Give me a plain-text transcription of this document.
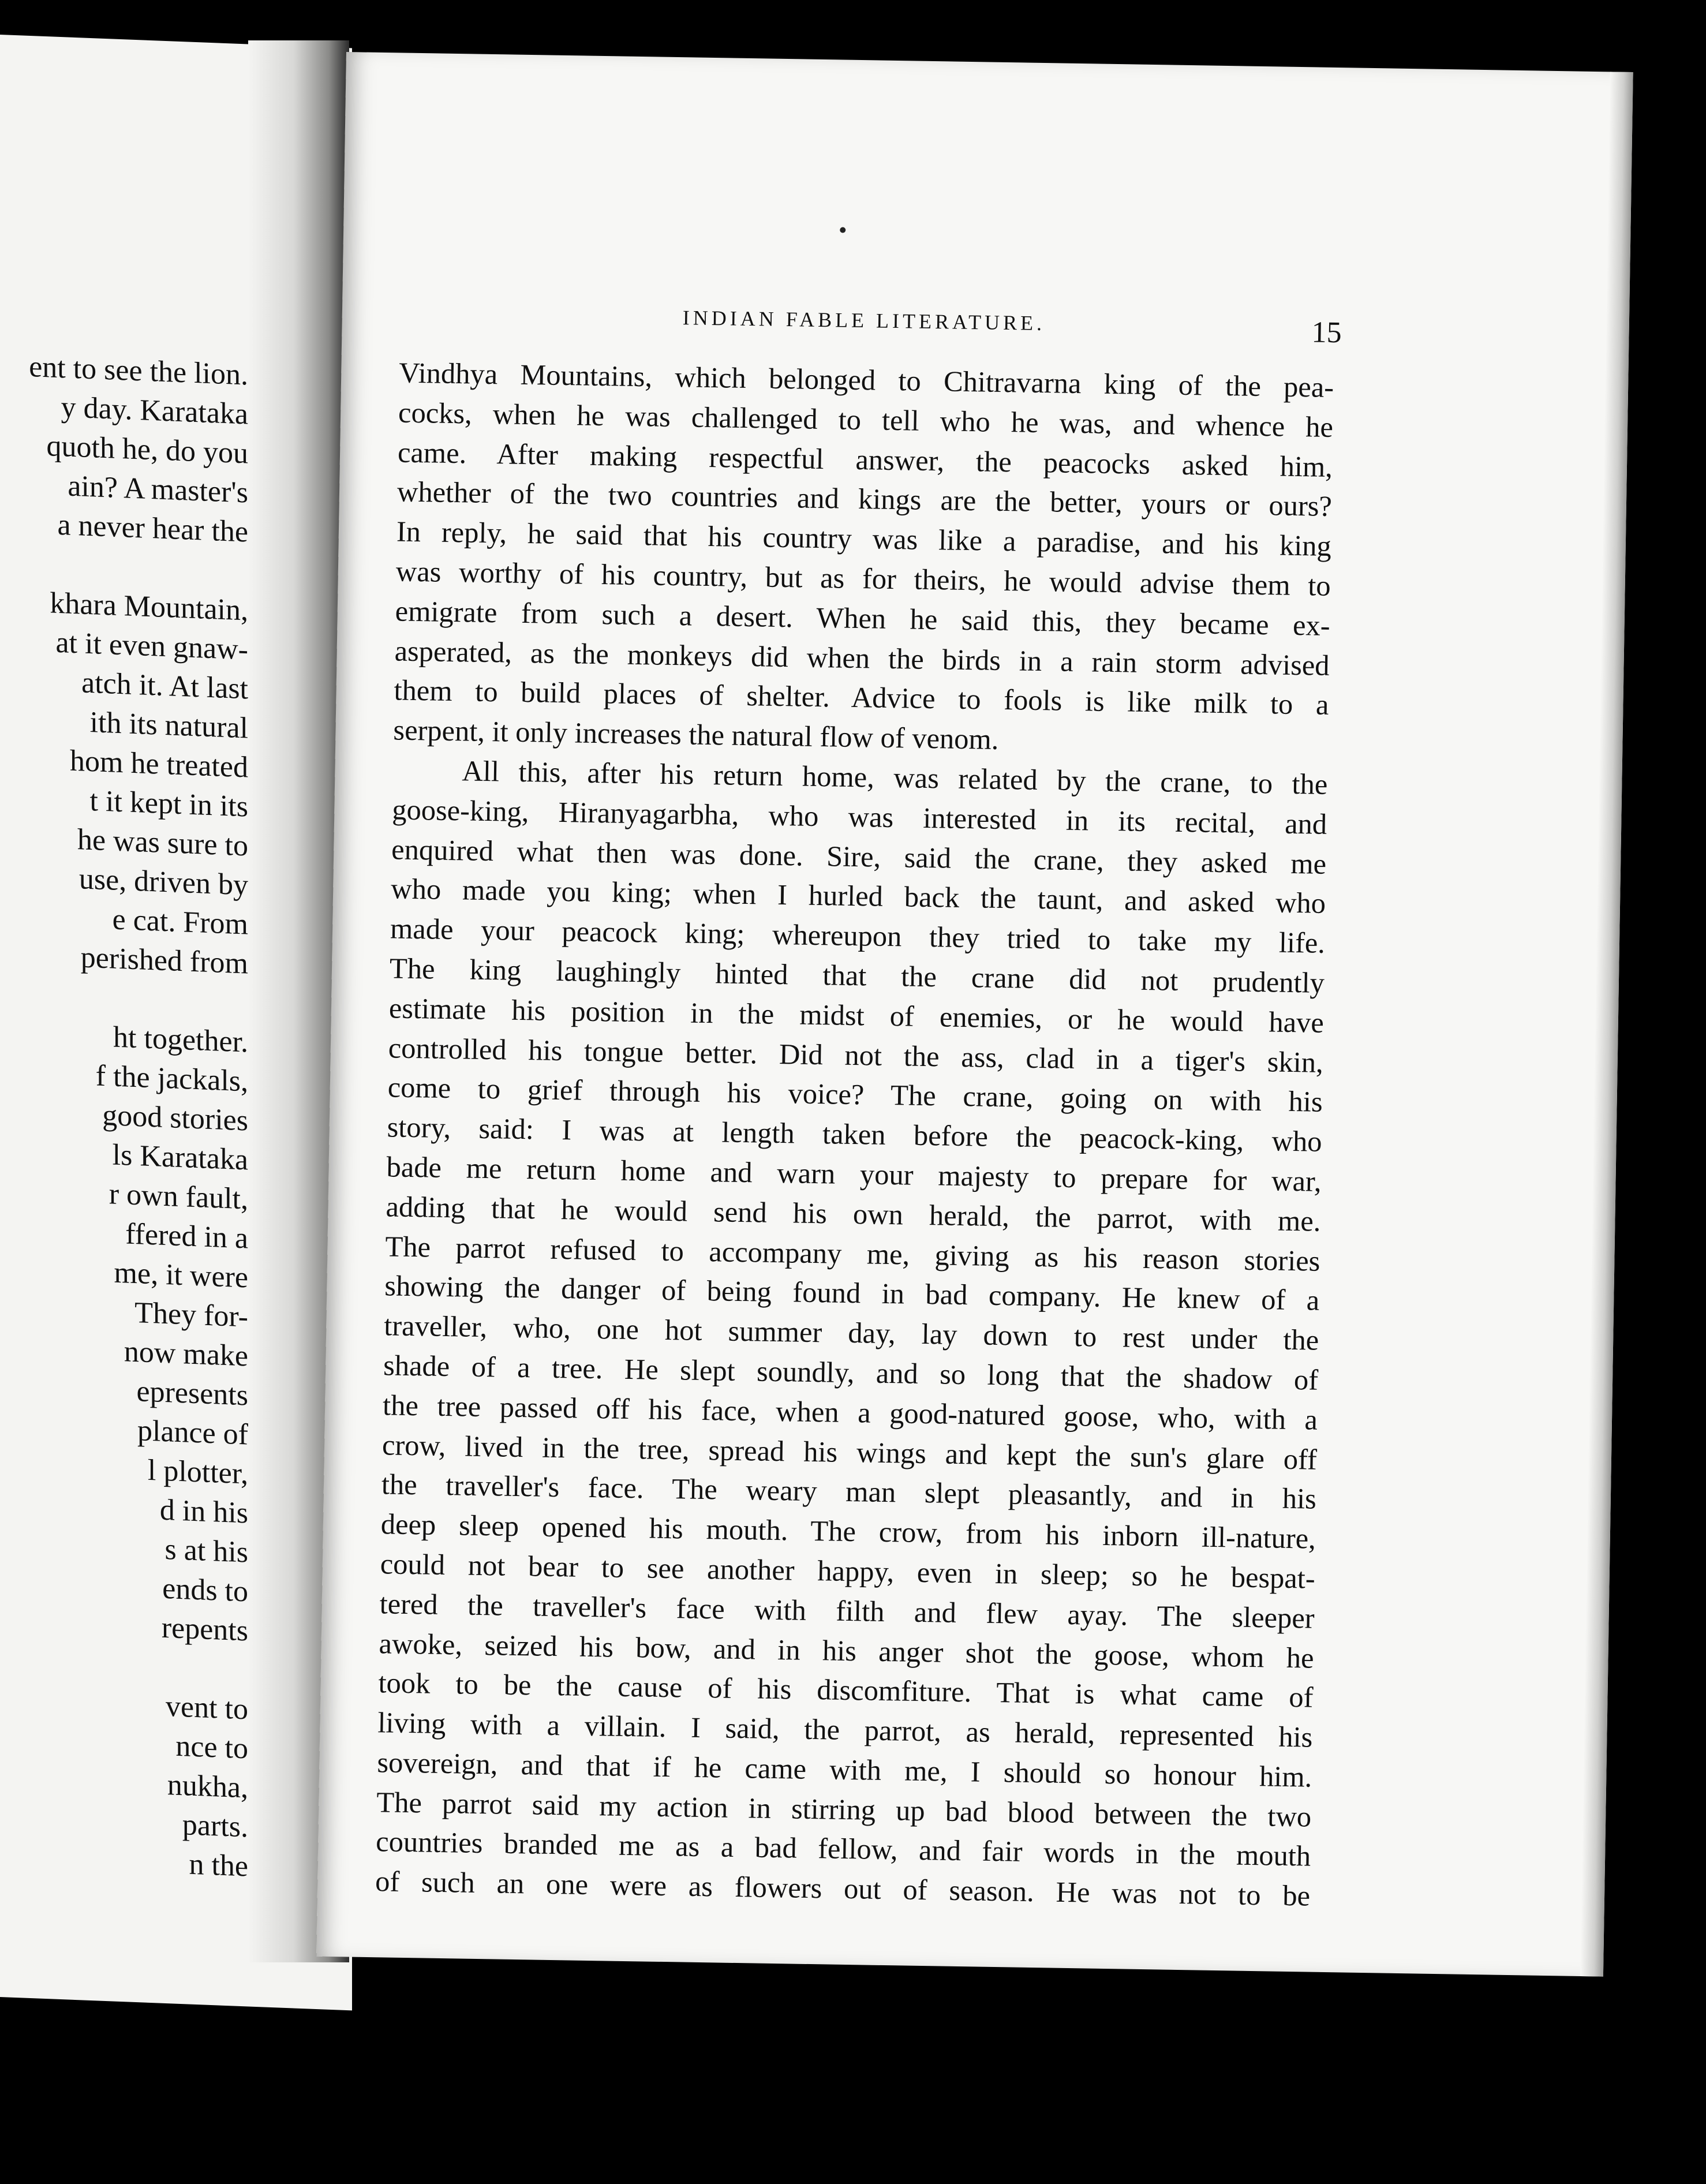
ent to see the lion.
y day. Karataka
quoth he, do you
ain? A master's
a never hear the
khara Mountain,
at it even gnaw-
atch it. At last
ith its natural
hom he treated
t it kept in its
he was sure to
use, driven by
e cat. From
perished from
ht together.
f the jackals,
good stories
ls Karataka
r own fault,
ffered in a
me, it were
They for-
now make
epresents
plance of
l plotter,
d in his
s at his
ends to
repents
vent to
nce to
nukha,
parts.
n the
INDIAN FABLE LITERATURE.	15
Vindhya Mountains, which belonged to Chitravarna king of the pea-
cocks, when he was challenged to tell who he was, and whence he
came. After making respectful answer, the peacocks asked him,
whether of the two countries and kings are the better, yours or ours?
In reply, he said that his country was like a paradise, and his king
was worthy of his country, but as for theirs, he would advise them to
emigrate from such a desert. When he said this, they became ex-
asperated, as the monkeys did when the birds in a rain storm advised
them to build places of shelter. Advice to fools is like milk to a
serpent, it only increases the natural flow of venom.
All this, after his return home, was related by the crane, to the
goose-king, Hiranyagarbha, who was interested in its recital, and
enquired what then was done. Sire, said the crane, they asked me
who made you king; when I hurled back the taunt, and asked who
made your peacock king; whereupon they tried to take my life.
The king laughingly hinted that the crane did not prudently
estimate his position in the midst of enemies, or he would have
controlled his tongue better. Did not the ass, clad in a tiger's skin,
come to grief through his voice? The crane, going on with his
story, said: I was at length taken before the peacock-king, who
bade me return home and warn your majesty to prepare for war,
adding that he would send his own herald, the parrot, with me.
The parrot refused to accompany me, giving as his reason stories
showing the danger of being found in bad company. He knew of a
traveller, who, one hot summer day, lay down to rest under the
shade of a tree. He slept soundly, and so long that the shadow of
the tree passed off his face, when a good-natured goose, who, with a
crow, lived in the tree, spread his wings and kept the sun's glare off
the traveller's face. The weary man slept pleasantly, and in his
deep sleep opened his mouth. The crow, from his inborn ill-nature,
could not bear to see another happy, even in sleep; so he bespat-
tered the traveller's face with filth and flew ayay. The sleeper
awoke, seized his bow, and in his anger shot the goose, whom he
took to be the cause of his discomfiture. That is what came of
living with a villain. I said, the parrot, as herald, represented his
sovereign, and that if he came with me, I should so honour him.
The parrot said my action in stirring up bad blood between the two
countries branded me as a bad fellow, and fair words in the mouth
of such an one were as flowers out of season. He was not to be
